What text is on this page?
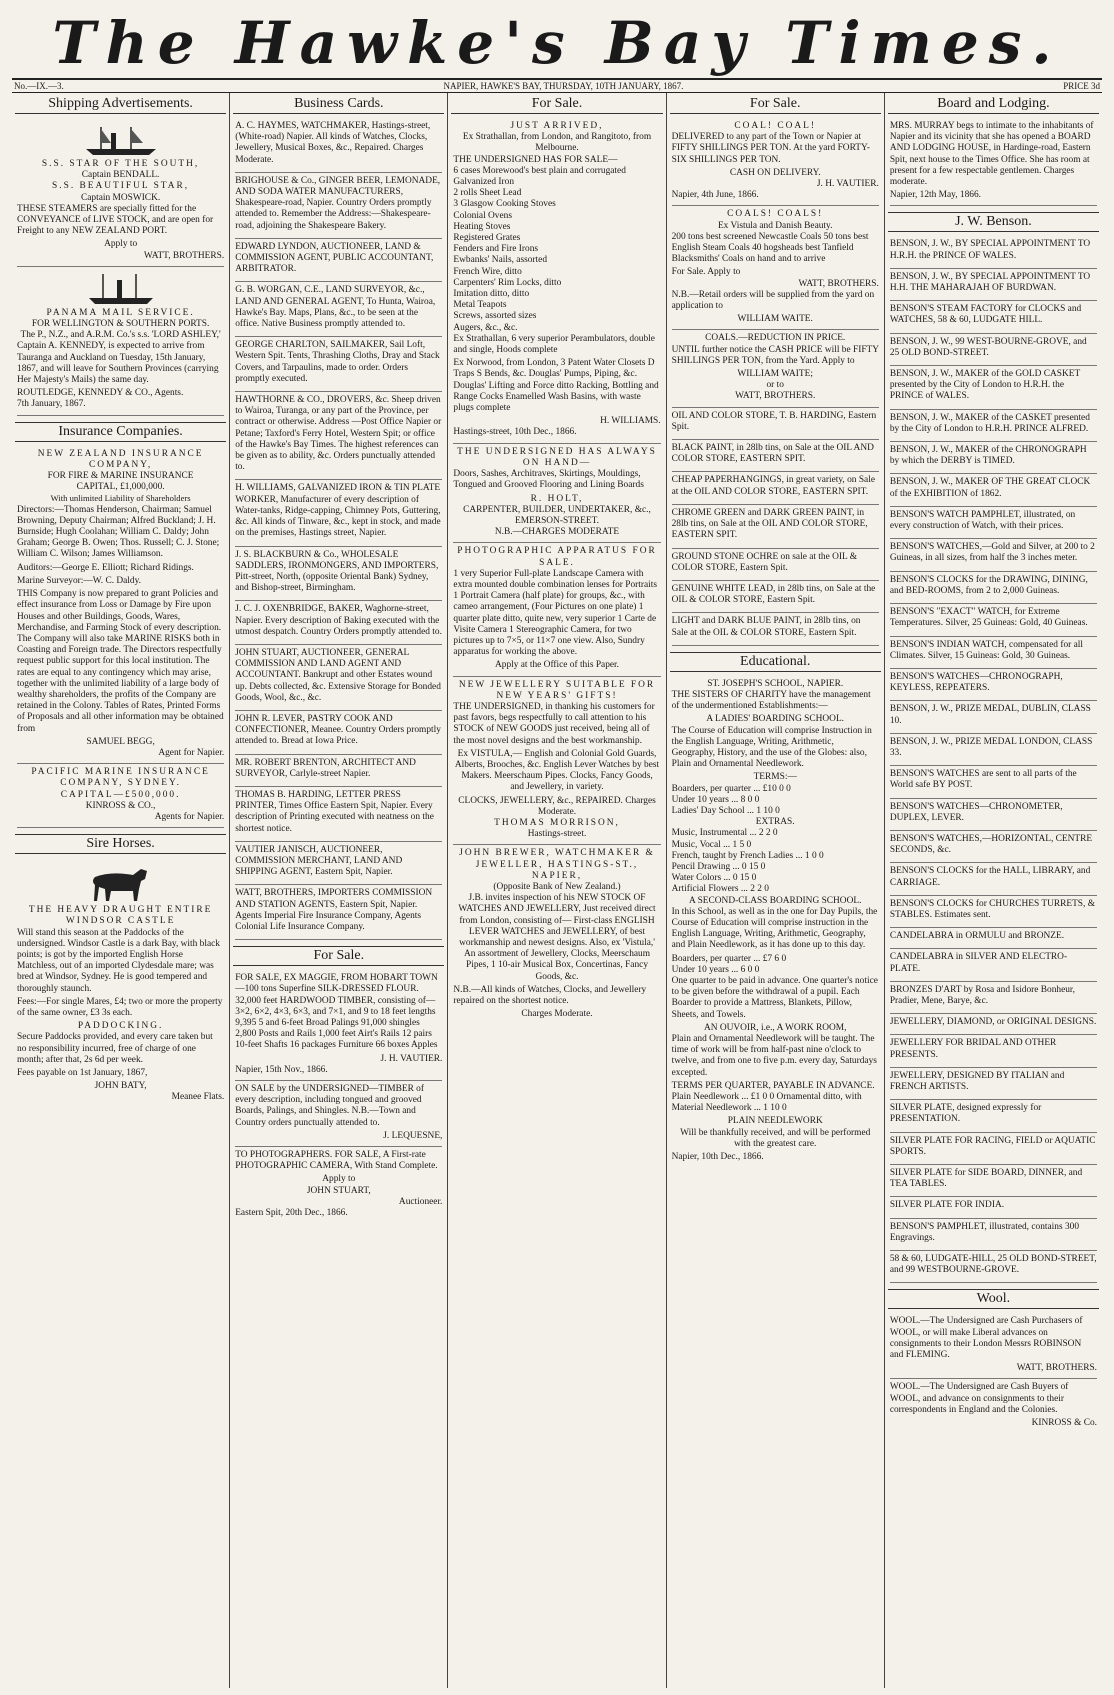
The Hawke's Bay Times.
No.—IX.—3.	NAPIER, HAWKE'S BAY, THURSDAY, 10TH JANUARY, 1867.	PRICE 3d
Shipping Advertisements.
S.S. STAR OF THE SOUTH,
Captain BENDALL.
S.S. BEAUTIFUL STAR,
Captain MOSWICK.

THESE STEAMERS are specially fitted for the CONVEYANCE of LIVE STOCK, and are open for Freight to any NEW ZEALAND PORT.

Apply to
WATT, BROTHERS.
PANAMA MAIL SERVICE.
FOR WELLINGTON & SOUTHERN PORTS.
The P., N.Z., and A.R.M. Co.'s s.s. 'LORD ASHLEY,'

Captain A. KENNEDY, is expected to arrive from Tauranga and Auckland on Tuesday, 15th January, 1867, and will leave for Southern Provinces (carrying Her Majesty's Mails) the same day.

ROUTLEDGE, KENNEDY & CO., Agents.
7th January, 1867.
Insurance Companies.
NEW ZEALAND INSURANCE COMPANY,
FOR FIRE & MARINE INSURANCE
CAPITAL, £1,000,000.
With unlimited Liability of Shareholders

Directors:—Thomas Henderson, Chairman; Samuel Browning, Deputy Chairman; Alfred Buckland; J. H. Burnside; Hugh Coolahan; William C. Daldy; John Graham; George B. Owen; Thos. Russell; C. J. Stone; William C. Wilson; James Williamson.

Auditors:—George E. Elliott; Richard Ridings.

Marine Surveyor:—W. C. Daldy.

THIS Company is now prepared to grant Policies and effect insurance from Loss or Damage by Fire upon Houses and other Buildings, Goods, Wares, Merchandise, and Farming Stock of every description. The Company will also take MARINE RISKS both in Coasting and Foreign trade. The Directors respectfully request public support for this local institution. The rates are equal to any contingency which may arise, together with the unlimited liability of a large body of wealthy shareholders, the profits of the Company are retained in the Colony. Tables of Rates, Printed Forms of Proposals and all other information may be obtained from

SAMUEL BEGG,
Agent for Napier.
PACIFIC MARINE INSURANCE COMPANY, SYDNEY.
CAPITAL—£500,000.
KINROSS & CO.,
Agents for Napier.
Sire Horses.
THE HEAVY DRAUGHT ENTIRE WINDSOR CASTLE

Will stand this season at the Paddocks of the undersigned. Windsor Castle is a dark Bay, with black points; is got by the imported English Horse Matchless, out of an imported Clydesdale mare; was bred at Windsor, Sydney. He is good tempered and thoroughly staunch.

Fees:—For single Mares, £4; two or more the property of the same owner, £3 3s each.

PADDOCKING.

Secure Paddocks provided, and every care taken but no responsibility incurred, free of charge of one month; after that, 2s 6d per week.

Fees payable on 1st January, 1867,

JOHN BATY,
Meanee Flats.
Business Cards.

A. C. HAYMES, WATCHMAKER, Hastings-street, (White-road) Napier. All kinds of Watches, Clocks, Jewellery, Musical Boxes, &c., Repaired. Charges Moderate.

BRIGHOUSE & Co., GINGER BEER, LEMONADE, AND SODA WATER MANUFACTURERS, Shakespeare-road, Napier. Country Orders promptly attended to. Remember the Address:—Shakespeare-road, adjoining the Shakespeare Bakery.

EDWARD LYNDON, AUCTIONEER, LAND & COMMISSION AGENT, PUBLIC ACCOUNTANT, ARBITRATOR.

G. B. WORGAN, C.E., LAND SURVEYOR, &c., LAND AND GENERAL AGENT, To Hunta, Wairoa, Hawke's Bay. Maps, Plans, &c., to be seen at the office. Native Business promptly attended to.

GEORGE CHARLTON, SAILMAKER, Sail Loft, Western Spit. Tents, Thrashing Cloths, Dray and Stack Covers, and Tarpaulins, made to order. Orders promptly executed.

HAWTHORNE & CO., DROVERS, &c. Sheep driven to Wairoa, Turanga, or any part of the Province, per contract or otherwise. Address —Post Office Napier or Petane; Taxford's Ferry Hotel, Western Spit; or office of the Hawke's Bay Times. The highest references can be given as to ability, &c. Orders punctually attended to.

H. WILLIAMS, GALVANIZED IRON & TIN PLATE WORKER, Manufacturer of every description of Water-tanks, Ridge-capping, Chimney Pots, Guttering, &c. All kinds of Tinware, &c., kept in stock, and made on the premises, Hastings street, Napier.

J. S. BLACKBURN & Co., WHOLESALE SADDLERS, IRONMONGERS, AND IMPORTERS, Pitt-street, North, (opposite Oriental Bank) Sydney, and Bishop-street, Birmingham.

J. C. J. OXENBRIDGE, BAKER, Waghorne-street, Napier. Every description of Baking executed with the utmost despatch. Country Orders promptly attended to.

JOHN STUART, AUCTIONEER, GENERAL COMMISSION AND LAND AGENT AND ACCOUNTANT. Bankrupt and other Estates wound up. Debts collected, &c. Extensive Storage for Bonded Goods, Wool, &c., &c.

JOHN R. LEVER, PASTRY COOK AND CONFECTIONER, Meanee. Country Orders promptly attended to. Bread at Iowa Price.

MR. ROBERT BRENTON, ARCHITECT AND SURVEYOR, Carlyle-street Napier.

THOMAS B. HARDING, LETTER PRESS PRINTER, Times Office Eastern Spit, Napier. Every description of Printing executed with neatness on the shortest notice.

VAUTIER JANISCH, AUCTIONEER, COMMISSION MERCHANT, LAND AND SHIPPING AGENT, Eastern Spit, Napier.

WATT, BROTHERS, IMPORTERS COMMISSION AND STATION AGENTS, Eastern Spit, Napier. Agents Imperial Fire Insurance Company, Agents Colonial Life Insurance Company.

For Sale.

FOR SALE, EX MAGGIE, FROM HOBART TOWN—100 tons Superfine SILK-DRESSED FLOUR. 32,000 feet HARDWOOD TIMBER, consisting of—3×2, 6×2, 4×3, 6×3, and 7×1, and 9 to 18 feet lengths 9,395 5 and 6-feet Broad Palings 91,000 shingles 2,800 Posts and Rails 1,000 feet Airt's Rails 12 pairs 10-feet Shafts 16 packages Furniture 66 boxes Apples

J. H. VAUTIER.
Napier, 15th Nov., 1866.

ON SALE by the UNDERSIGNED—TIMBER of every description, including tongued and grooved Boards, Palings, and Shingles. N.B.—Town and Country orders punctually attended to.

J. LEQUESNE,

TO PHOTOGRAPHERS. FOR SALE, A First-rate PHOTOGRAPHIC CAMERA, With Stand Complete.

Apply to
JOHN STUART,
Auctioneer.
Eastern Spit, 20th Dec., 1866.
For Sale.
JUST ARRIVED,
Ex Strathallan, from London, and Rangitoto, from Melbourne.
THE UNDERSIGNED HAS FOR SALE—
6 cases Morewood's best plain and corrugated Galvanized Iron
2 rolls Sheet Lead
3 Glasgow Cooking Stoves
Colonial Ovens
Heating Stoves
Registered Grates
Fenders and Fire Irons
Ewbanks' Nails, assorted
French Wire, ditto
Carpenters' Rim Locks, ditto
Imitation ditto, ditto
Metal Teapots
Screws, assorted sizes
Augers, &c., &c.

Ex Strathallan, 6 very superior Perambulators, double and single, Hoods complete

Ex Norwood, from London, 3 Patent Water Closets D Traps S Bends, &c. Douglas' Pumps, Piping, &c. Douglas' Lifting and Force ditto Racking, Bottling and Range Cocks Enamelled Wash Basins, with waste plugs complete

H. WILLIAMS.
Hastings-street, 10th Dec., 1866.
THE UNDERSIGNED HAS ALWAYS ON HAND—

Doors, Sashes, Architraves, Skirtings, Mouldings, Tongued and Grooved Flooring and Lining Boards

R. HOLT,
CARPENTER, BUILDER, UNDERTAKER, &c., EMERSON-STREET.
N.B.—CHARGES MODERATE
PHOTOGRAPHIC APPARATUS FOR SALE.

1 very Superior Full-plate Landscape Camera with extra mounted double combination lenses for Portraits 1 Portrait Camera (half plate) for groups, &c., with cameo arrangement, (Four Pictures on one plate) 1 quarter plate ditto, quite new, very superior 1 Carte de Visite Camera 1 Stereographic Camera, for two pictures up to 7×5, or 11×7 one view. Also, Sundry apparatus for working the above.

Apply at the Office of this Paper.
NEW JEWELLERY SUITABLE FOR NEW YEARS' GIFTS!

THE UNDERSIGNED, in thanking his customers for past favors, begs respectfully to call attention to his STOCK of NEW GOODS just received, being all of the most novel designs and the best workmanship.

Ex VISTULA,— English and Colonial Gold Guards, Alberts, Brooches, &c. English Lever Watches by best Makers. Meerschaum Pipes. Clocks, Fancy Goods, and Jewellery, in variety.

CLOCKS, JEWELLERY, &c., REPAIRED. Charges Moderate.
THOMAS MORRISON,
Hastings-street.
JOHN BREWER, WATCHMAKER & JEWELLER, HASTINGS-ST., NAPIER,
(Opposite Bank of New Zealand.)

J.B. invites inspection of his NEW STOCK OF WATCHES AND JEWELLERY, Just received direct from London, consisting of— First-class ENGLISH LEVER WATCHES and JEWELLERY, of best workmanship and newest designs. Also, ex 'Vistula,' An assortment of Jewellery, Clocks, Meerschaum Pipes, 1 10-air Musical Box, Concertinas, Fancy Goods, &c.

N.B.—All kinds of Watches, Clocks, and Jewellery repaired on the shortest notice.

Charges Moderate.
For Sale.
COAL! COAL!

DELIVERED to any part of the Town or Napier at FIFTY SHILLINGS PER TON. At the yard FORTY-SIX SHILLINGS PER TON.

CASH ON DELIVERY.
J. H. VAUTIER.
Napier, 4th June, 1866.
COALS! COALS!
Ex Vistula and Danish Beauty.

200 tons best screened Newcastle Coals 50 tons best English Steam Coals 40 hogsheads best Tanfield Blacksmiths' Coals on hand and to arrive

For Sale. Apply to
WATT, BROTHERS.

N.B.—Retail orders will be supplied from the yard on application to

WILLIAM WAITE.
COALS.—REDUCTION IN PRICE.

UNTIL further notice the CASH PRICE will be FIFTY SHILLINGS PER TON, from the Yard. Apply to

WILLIAM WAITE;
or to
WATT, BROTHERS.

OIL AND COLOR STORE, T. B. HARDING, Eastern Spit.

BLACK PAINT, in 28lb tins, on Sale at the OIL AND COLOR STORE, EASTERN SPIT.

CHEAP PAPERHANGINGS, in great variety, on Sale at the OIL AND COLOR STORE, EASTERN SPIT.

CHROME GREEN and DARK GREEN PAINT, in 28lb tins, on Sale at the OIL AND COLOR STORE, EASTERN SPIT.

GROUND STONE OCHRE on sale at the OIL & COLOR STORE, Eastern Spit.

GENUINE WHITE LEAD, in 28lb tins, on Sale at the OIL & COLOR STORE, Eastern Spit.

LIGHT and DARK BLUE PAINT, in 28lb tins, on Sale at the OIL & COLOR STORE, Eastern Spit.

Educational.
ST. JOSEPH'S SCHOOL, NAPIER.

THE SISTERS OF CHARITY have the management of the undermentioned Establishments:—

A LADIES' BOARDING SCHOOL.

The Course of Education will comprise Instruction in the English Language, Writing, Arithmetic, Geography, History, and the use of the Globes: also, Plain and Ornamental Needlework.

TERMS:—
Boarders, per quarter ... £10 0 0
Under 10 years ... 8 0 0
Ladies' Day School ... 1 10 0
EXTRAS.
Music, Instrumental ... 2 2 0
Music, Vocal ... 1 5 0
French, taught by French Ladies ... 1 0 0
Pencil Drawing ... 0 15 0
Water Colors ... 0 15 0
Artificial Flowers ... 2 2 0
A SECOND-CLASS BOARDING SCHOOL.

In this School, as well as in the one for Day Pupils, the Course of Education will comprise instruction in the English Language, Writing, Arithmetic, Geography, and Plain Needlework, as it has done up to this day.

Boarders, per quarter ... £7 6 0
Under 10 years ... 6 0 0

One quarter to be paid in advance. One quarter's notice to be given before the withdrawal of a pupil. Each Boarder to provide a Mattress, Blankets, Pillow, Sheets, and Towels.

AN OUVOIR, i.e., A WORK ROOM,

Plain and Ornamental Needlework will be taught. The time of work will be from half-past nine o'clock to twelve, and from one to five p.m. every day, Saturdays excepted.

TERMS PER QUARTER, PAYABLE IN ADVANCE. Plain Needlework ... £1 0 0 Ornamental ditto, with Material Needlework ... 1 10 0

PLAIN NEEDLEWORK

Will be thankfully received, and will be performed with the greatest care.

Napier, 10th Dec., 1866.
Board and Lodging.

MRS. MURRAY begs to intimate to the inhabitants of Napier and its vicinity that she has opened a BOARD AND LODGING HOUSE, in Hardinge-road, Eastern Spit, next house to the Times Office. She has room at present for a few respectable gentlemen. Charges moderate.

Napier, 12th May, 1866.
J. W. Benson.

BENSON, J. W., BY SPECIAL APPOINTMENT TO H.R.H. the PRINCE OF WALES.

BENSON, J. W., BY SPECIAL APPOINTMENT TO H.H. THE MAHARAJAH OF BURDWAN.

BENSON'S STEAM FACTORY for CLOCKS and WATCHES, 58 & 60, LUDGATE HILL.

BENSON, J. W., 99 WEST-BOURNE-GROVE, and 25 OLD BOND-STREET.

BENSON, J. W., MAKER of the GOLD CASKET presented by the City of London to H.R.H. the PRINCE of WALES.

BENSON, J. W., MAKER of the CASKET presented by the City of London to H.R.H. PRINCE ALFRED.

BENSON, J. W., MAKER of the CHRONOGRAPH by which the DERBY is TIMED.

BENSON, J. W., MAKER OF THE GREAT CLOCK of the EXHIBITION of 1862.

BENSON'S WATCH PAMPHLET, illustrated, on every construction of Watch, with their prices.

BENSON'S WATCHES,—Gold and Silver, at 200 to 2 Guineas, in all sizes, from half the 3 inches meter.

BENSON'S CLOCKS for the DRAWING, DINING, and BED-ROOMS, from 2 to 2,000 Guineas.

BENSON'S "EXACT" WATCH, for Extreme Temperatures. Silver, 25 Guineas: Gold, 40 Guineas.

BENSON'S INDIAN WATCH, compensated for all Climates. Silver, 15 Guineas: Gold, 30 Guineas.

BENSON'S WATCHES—CHRONOGRAPH, KEYLESS, REPEATERS.

BENSON, J. W., PRIZE MEDAL, DUBLIN, CLASS 10.

BENSON, J. W., PRIZE MEDAL LONDON, CLASS 33.

BENSON'S WATCHES are sent to all parts of the World safe BY POST.

BENSON'S WATCHES—CHRONOMETER, DUPLEX, LEVER.

BENSON'S WATCHES,—HORIZONTAL, CENTRE SECONDS, &c.

BENSON'S CLOCKS for the HALL, LIBRARY, and CARRIAGE.

BENSON'S CLOCKS for CHURCHES TURRETS, & STABLES. Estimates sent.

CANDELABRA in ORMULU and BRONZE.

CANDELABRA in SILVER AND ELECTRO-PLATE.

BRONZES D'ART by Rosa and Isidore Bonheur, Pradier, Mene, Barye, &c.

JEWELLERY, DIAMOND, or ORIGINAL DESIGNS.

JEWELLERY FOR BRIDAL AND OTHER PRESENTS.

JEWELLERY, DESIGNED BY ITALIAN and FRENCH ARTISTS.

SILVER PLATE, designed expressly for PRESENTATION.

SILVER PLATE FOR RACING, FIELD or AQUATIC SPORTS.

SILVER PLATE for SIDE BOARD, DINNER, and TEA TABLES.

SILVER PLATE FOR INDIA.

BENSON'S PAMPHLET, illustrated, contains 300 Engravings.

58 & 60, LUDGATE-HILL, 25 OLD BOND-STREET, and 99 WESTBOURNE-GROVE.

Wool.

WOOL.—The Undersigned are Cash Purchasers of WOOL, or will make Liberal advances on consignments to their London Messrs ROBINSON and FLEMING.

WATT, BROTHERS.

WOOL.—The Undersigned are Cash Buyers of WOOL, and advance on consignments to their correspondents in England and the Colonies.

KINROSS & Co.
